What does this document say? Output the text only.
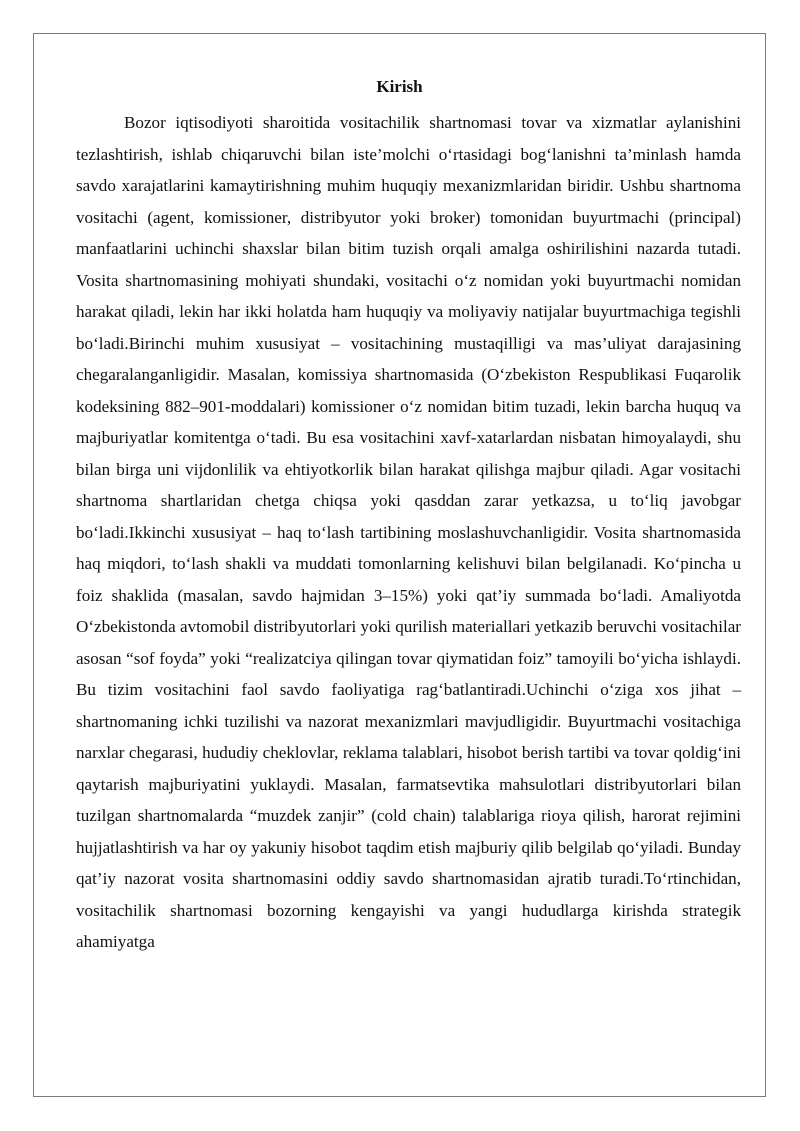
Kirish

Bozor iqtisodiyoti sharoitida vositachilik shartnomasi tovar va xizmatlar aylanishini tezlashtirish, ishlab chiqaruvchi bilan iste’molchi o‘rtasidagi bog‘lanishni ta’minlash hamda savdo xarajatlarini kamaytirishning muhim huquqiy mexanizmlaridan biridir. Ushbu shartnoma vositachi (agent, komissioner, distribyutor yoki broker) tomonidan buyurtmachi (principal) manfaatlarini uchinchi shaxslar bilan bitim tuzish orqali amalga oshirilishini nazarda tutadi. Vosita shartnomasining mohiyati shundaki, vositachi o‘z nomidan yoki buyurtmachi nomidan harakat qiladi, lekin har ikki holatda ham huquqiy va moliyaviy natijalar buyurtmachiga tegishli bo‘ladi.Birinchi muhim xususiyat – vositachining mustaqilligi va mas’uliyat darajasining chegaralanganligidir. Masalan, komissiya shartnomasida (O‘zbekiston Respublikasi Fuqarolik kodeksining 882–901-moddalari) komissioner o‘z nomidan bitim tuzadi, lekin barcha huquq va majburiyatlar komitentga o‘tadi. Bu esa vositachini xavf-xatarlardan nisbatan himoyalaydi, shu bilan birga uni vijdonlilik va ehtiyotkorlik bilan harakat qilishga majbur qiladi. Agar vositachi shartnoma shartlaridan chetga chiqsa yoki qasddan zarar yetkazsa, u to‘liq javobgar bo‘ladi.Ikkinchi xususiyat – haq to‘lash tartibining moslashuvchanligidir. Vosita shartnomasida haq miqdori, to‘lash shakli va muddati tomonlarning kelishuvi bilan belgilanadi. Ko‘pincha u foiz shaklida (masalan, savdo hajmidan 3–15%) yoki qat’iy summada bo‘ladi. Amaliyotda O‘zbekistonda avtomobil distribyutorlari yoki qurilish materiallari yetkazib beruvchi vositachilar asosan “sof foyda” yoki “realizatciya qilingan tovar qiymatidan foiz” tamoyili bo‘yicha ishlaydi. Bu tizim vositachini faol savdo faoliyatiga rag‘batlantiradi.Uchinchi o‘ziga xos jihat – shartnomaning ichki tuzilishi va nazorat mexanizmlari mavjudligidir. Buyurtmachi vositachiga narxlar chegarasi, hududiy cheklovlar, reklama talablari, hisobot berish tartibi va tovar qoldig‘ini qaytarish majburiyatini yuklaydi. Masalan, farmatsevtika mahsulotlari distribyutorlari bilan tuzilgan shartnomalarda “muzdek zanjir” (cold chain) talablariga rioya qilish, harorat rejimini hujjatlashtirish va har oy yakuniy hisobot taqdim etish majburiy qilib belgilab qo‘yiladi. Bunday qat’iy nazorat vosita shartnomasini oddiy savdo shartnomasidan ajratib turadi.To‘rtinchidan, vositachilik shartnomasi bozorning kengayishi va yangi hududlarga kirishda strategik ahamiyatga
